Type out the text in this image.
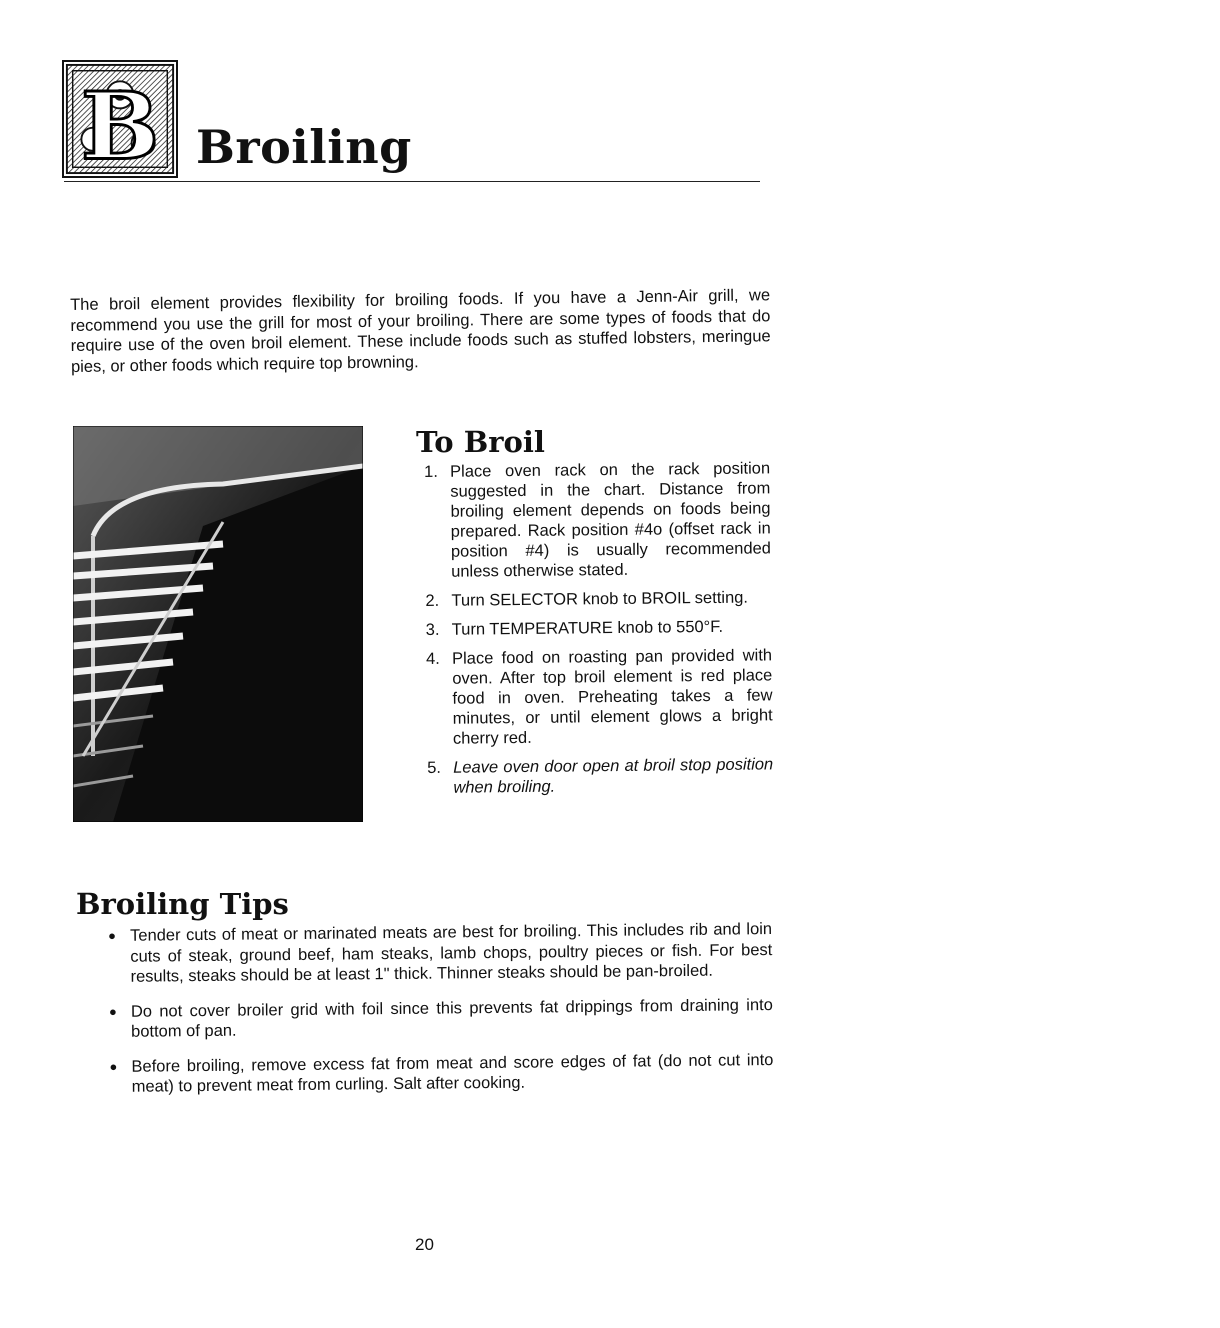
B Broiling

The broil element provides flexibility for broiling foods. If you have a Jenn-Air grill, we recommend you use the grill for most of your broiling. There are some types of foods that do require use of the oven broil element. These include foods such as stuffed lobsters, meringue pies, or other foods which require top browning.

To Broil
1. Place oven rack on the rack position suggested in the chart. Distance from broiling element depends on foods being prepared. Rack position #4o (offset rack in position #4) is usually recommended unless otherwise stated.
2. Turn SELECTOR knob to BROIL setting.
3. Turn TEMPERATURE knob to 550°F.
4. Place food on roasting pan provided with oven. After top broil element is red place food in oven. Preheating takes a few minutes, or until element glows a bright cherry red.
5. Leave oven door open at broil stop position when broiling.
Broiling Tips
● Tender cuts of meat or marinated meats are best for broiling. This includes rib and loin cuts of steak, ground beef, ham steaks, lamb chops, poultry pieces or fish. For best results, steaks should be at least 1" thick. Thinner steaks should be pan-broiled.
● Do not cover broiler grid with foil since this prevents fat drippings from draining into bottom of pan.
● Before broiling, remove excess fat from meat and score edges of fat (do not cut into meat) to prevent meat from curling. Salt after cooking.
20
